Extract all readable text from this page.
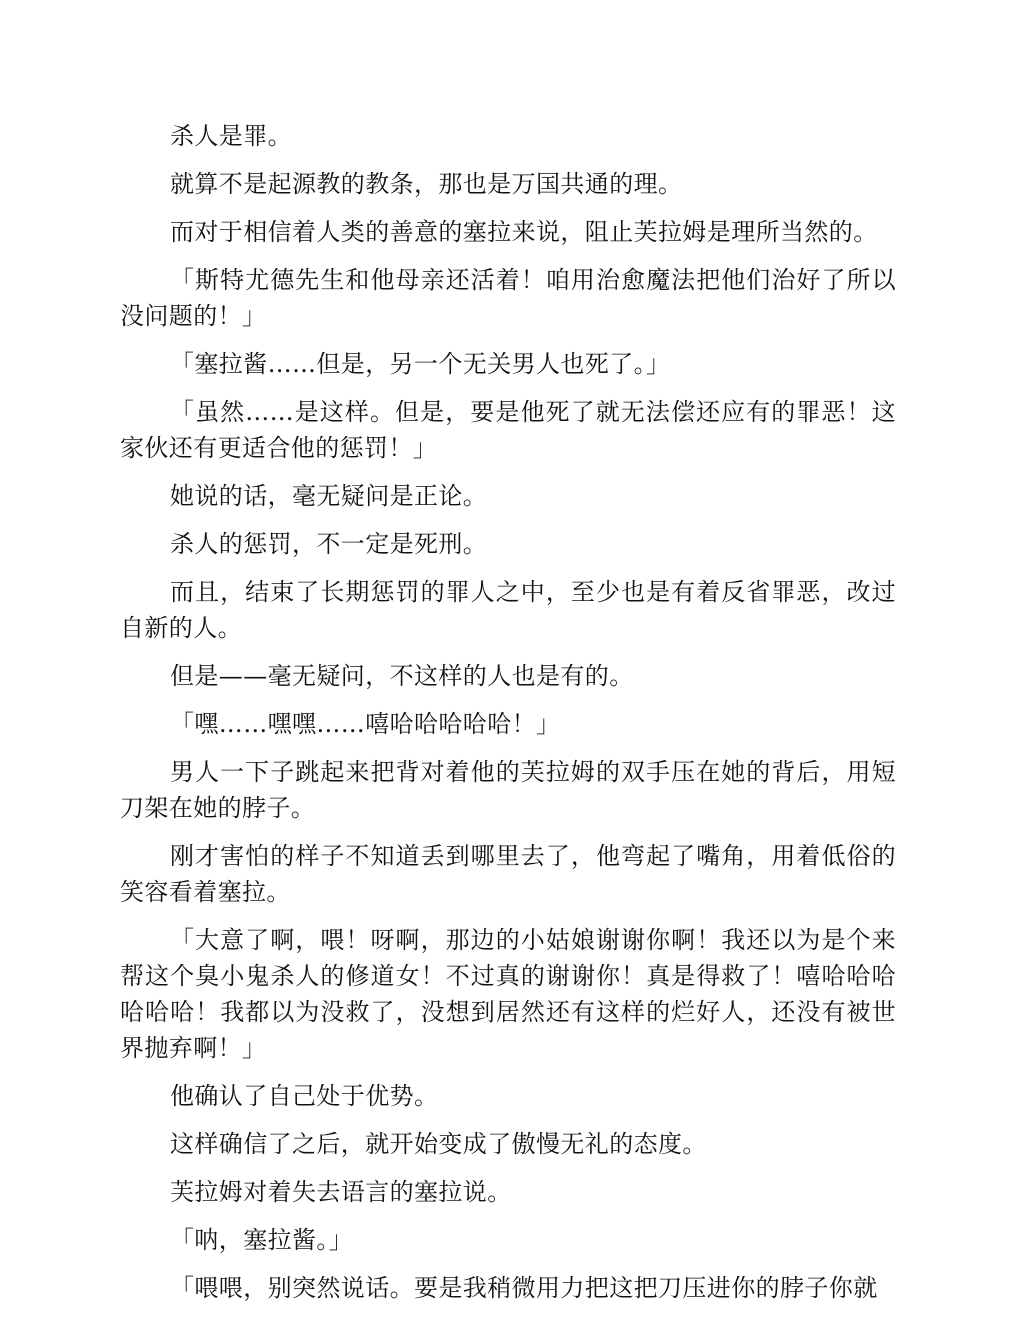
杀人是罪。

就算不是起源教的教条，那也是万国共通的理。

而对于相信着人类的善意的塞拉来说，阻止芙拉姆是理所当然的。

「斯特尤德先生和他母亲还活着！咱用治愈魔法把他们治好了所以没问题的！」

「塞拉酱……但是，另一个无关男人也死了。」

「虽然……是这样。但是，要是他死了就无法偿还应有的罪恶！这家伙还有更适合他的惩罚！」

她说的话，毫无疑问是正论。

杀人的惩罚，不一定是死刑。

而且，结束了长期惩罚的罪人之中，至少也是有着反省罪恶，改过自新的人。

但是——毫无疑问，不这样的人也是有的。

「嘿……嘿嘿……嘻哈哈哈哈哈！」

男人一下子跳起来把背对着他的芙拉姆的双手压在她的背后，用短刀架在她的脖子。

刚才害怕的样子不知道丢到哪里去了，他弯起了嘴角，用着低俗的笑容看着塞拉。

「大意了啊，喂！呀啊，那边的小姑娘谢谢你啊！我还以为是个来帮这个臭小鬼杀人的修道女！不过真的谢谢你！真是得救了！嘻哈哈哈哈哈哈！我都以为没救了，没想到居然还有这样的烂好人，还没有被世界抛弃啊！」

他确认了自己处于优势。

这样确信了之后，就开始变成了傲慢无礼的态度。

芙拉姆对着失去语言的塞拉说。

「呐，塞拉酱。」

「喂喂，别突然说话。要是我稍微用力把这把刀压进你的脖子你就
